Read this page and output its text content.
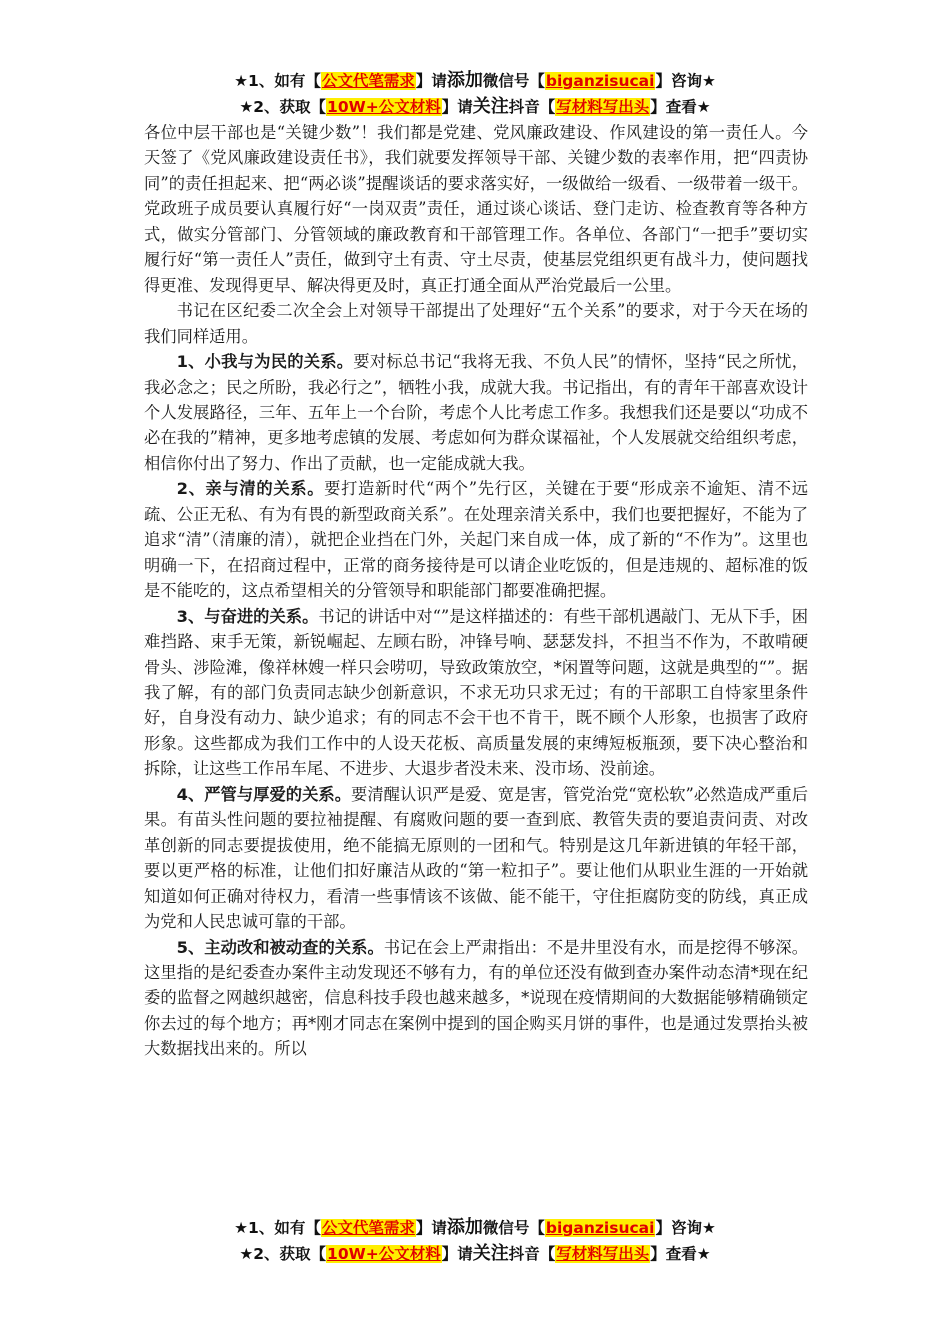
★1、如有【公文代笔需求】请添加微信号【biganzisucai】咨询★
★2、获取【10W+公文材料】请关注抖音【写材料写出头】查看★

各位中层干部也是“关键少数”！我们都是党建、党风廉政建设、作风建设的第一责任人。今天签了《党风廉政建设责任书》，我们就要发挥领导干部、关键少数的表率作用，把“四责协同”的责任担起来、把“两必谈”提醒谈话的要求落实好，一级做给一级看、一级带着一级干。党政班子成员要认真履行好“一岗双责”责任，通过谈心谈话、登门走访、检查教育等各种方式，做实分管部门、分管领域的廉政教育和干部管理工作。各单位、各部门“一把手”要切实履行好“第一责任人”责任，做到守土有责、守土尽责，使基层党组织更有战斗力，使问题找得更准、发现得更早、解决得更及时，真正打通全面从严治党最后一公里。

书记在区纪委二次全会上对领导干部提出了处理好“五个关系”的要求，对于今天在场的我们同样适用。

1、小我与为民的关系。要对标总书记“我将无我、不负人民”的情怀，坚持“民之所忧，我必念之；民之所盼，我必行之”，牺牲小我，成就大我。书记指出，有的青年干部喜欢设计个人发展路径，三年、五年上一个台阶，考虑个人比考虑工作多。我想我们还是要以“功成不必在我的”精神，更多地考虑镇的发展、考虑如何为群众谋福祉，个人发展就交给组织考虑，相信你付出了努力、作出了贡献，也一定能成就大我。

2、亲与清的关系。要打造新时代“两个”先行区，关键在于要“形成亲不逾矩、清不远疏、公正无私、有为有畏的新型政商关系”。在处理亲清关系中，我们也要把握好，不能为了追求“清”（清廉的清），就把企业挡在门外，关起门来自成一体，成了新的“不作为”。这里也明确一下，在招商过程中，正常的商务接待是可以请企业吃饭的，但是违规的、超标准的饭是不能吃的，这点希望相关的分管领导和职能部门都要准确把握。

3、与奋进的关系。书记的讲话中对“”是这样描述的：有些干部机遇敲门、无从下手，困难挡路、束手无策，新锐崛起、左顾右盼，冲锋号响、瑟瑟发抖，不担当不作为，不敢啃硬骨头、涉险滩，像祥林嫂一样只会唠叨，导致政策放空，*闲置等问题，这就是典型的“”。据我了解，有的部门负责同志缺少创新意识，不求无功只求无过；有的干部职工自恃家里条件好，自身没有动力、缺少追求；有的同志不会干也不肯干，既不顾个人形象，也损害了政府形象。这些都成为我们工作中的人设天花板、高质量发展的束缚短板瓶颈，要下决心整治和拆除，让这些工作吊车尾、不进步、大退步者没未来、没市场、没前途。

4、严管与厚爱的关系。要清醒认识严是爱、宽是害，管党治党“宽松软”必然造成严重后果。有苗头性问题的要拉袖提醒、有腐败问题的要一查到底、教管失责的要追责问责、对改革创新的同志要提拔使用，绝不能搞无原则的一团和气。特别是这几年新进镇的年轻干部，要以更严格的标准，让他们扣好廉洁从政的“第一粒扣子”。要让他们从职业生涯的一开始就知道如何正确对待权力，看清一些事情该不该做、能不能干，守住拒腐防变的防线，真正成为党和人民忠诚可靠的干部。

5、主动改和被动查的关系。书记在会上严肃指出：不是井里没有水，而是挖得不够深。这里指的是纪委查办案件主动发现还不够有力，有的单位还没有做到查办案件动态清*现在纪委的监督之网越织越密，信息科技手段也越来越多，*说现在疫情期间的大数据能够精确锁定你去过的每个地方；再*刚才同志在案例中提到的国企购买月饼的事件，也是通过发票抬头被大数据找出来的。所以

★1、如有【公文代笔需求】请添加微信号【biganzisucai】咨询★
★2、获取【10W+公文材料】请关注抖音【写材料写出头】查看★
